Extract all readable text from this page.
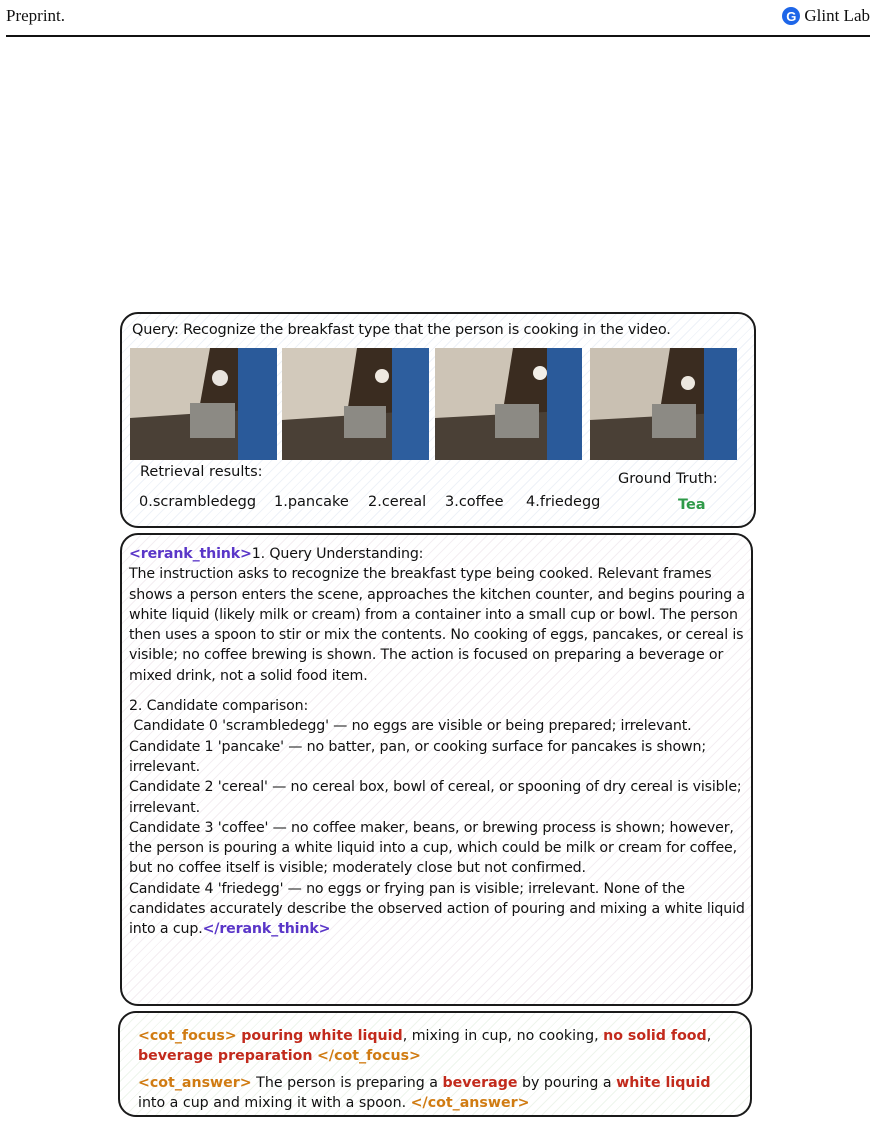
Preprint.	G Glint Lab
Query: Recognize the breakfast type that the person is cooking in the video.
Retrieval results:
0.scrambledegg 1.pancake 2.cereal 3.coffee 4.friedegg
Ground Truth:
Tea

<rerank_think>1. Query Understanding:

The instruction asks to recognize the breakfast type being cooked. Relevant frames shows a person enters the scene, approaches the kitchen counter, and begins pouring a white liquid (likely milk or cream) from a container into a small cup or bowl. The person then uses a spoon to stir or mix the contents. No cooking of eggs, pancakes, or cereal is visible; no coffee brewing is shown. The action is focused on preparing a beverage or mixed drink, not a solid food item.

2. Candidate comparison:

Candidate 0 'scrambledegg' — no eggs are visible or being prepared; irrelevant.

Candidate 1 'pancake' — no batter, pan, or cooking surface for pancakes is shown; irrelevant.

Candidate 2 'cereal' — no cereal box, bowl of cereal, or spooning of dry cereal is visible; irrelevant.

Candidate 3 'coffee' — no coffee maker, beans, or brewing process is shown; however, the person is pouring a white liquid into a cup, which could be milk or cream for coffee, but no coffee itself is visible; moderately close but not confirmed.

Candidate 4 'friedegg' — no eggs or frying pan is visible; irrelevant. None of the candidates accurately describe the observed action of pouring and mixing a white liquid into a cup.</rerank_think>

<cot_focus> pouring white liquid, mixing in cup, no cooking, no solid food, beverage preparation </cot_focus>
<cot_answer> The person is preparing a beverage by pouring a white liquid into a cup and mixing it with a spoon. </cot_answer>
